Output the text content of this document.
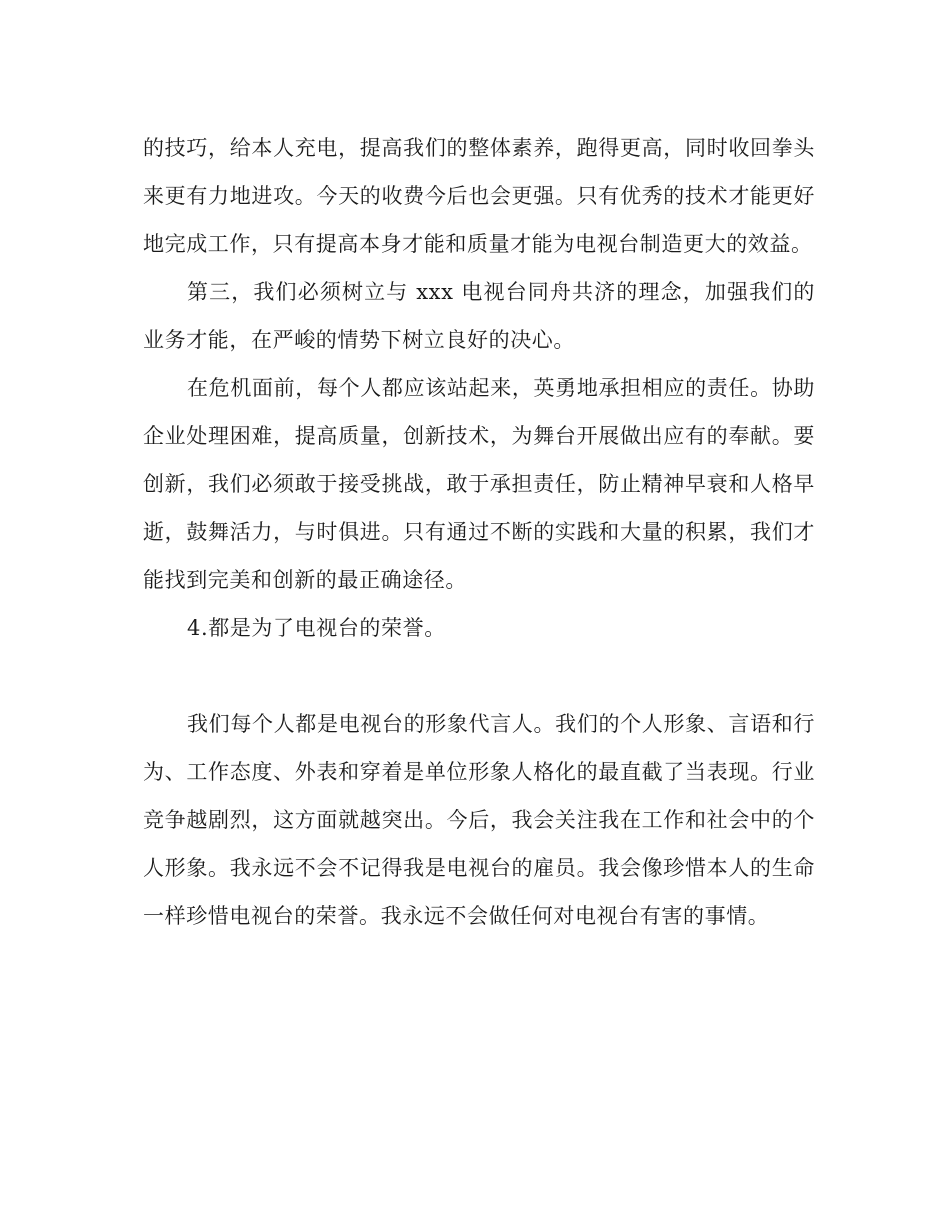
的技巧，给本人充电，提高我们的整体素养，跑得更高，同时收回拳头来更有力地进攻。今天的收费今后也会更强。只有优秀的技术才能更好地完成工作，只有提高本身才能和质量才能为电视台制造更大的效益。

第三，我们必须树立与 xxx 电视台同舟共济的理念，加强我们的业务才能，在严峻的情势下树立良好的决心。

在危机面前，每个人都应该站起来，英勇地承担相应的责任。协助企业处理困难，提高质量，创新技术，为舞台开展做出应有的奉献。要创新，我们必须敢于接受挑战，敢于承担责任，防止精神早衰和人格早逝，鼓舞活力，与时俱进。只有通过不断的实践和大量的积累，我们才能找到完美和创新的最正确途径。

4.都是为了电视台的荣誉。

我们每个人都是电视台的形象代言人。我们的个人形象、言语和行为、工作态度、外表和穿着是单位形象人格化的最直截了当表现。行业竞争越剧烈，这方面就越突出。今后，我会关注我在工作和社会中的个人形象。我永远不会不记得我是电视台的雇员。我会像珍惜本人的生命一样珍惜电视台的荣誉。我永远不会做任何对电视台有害的事情。
